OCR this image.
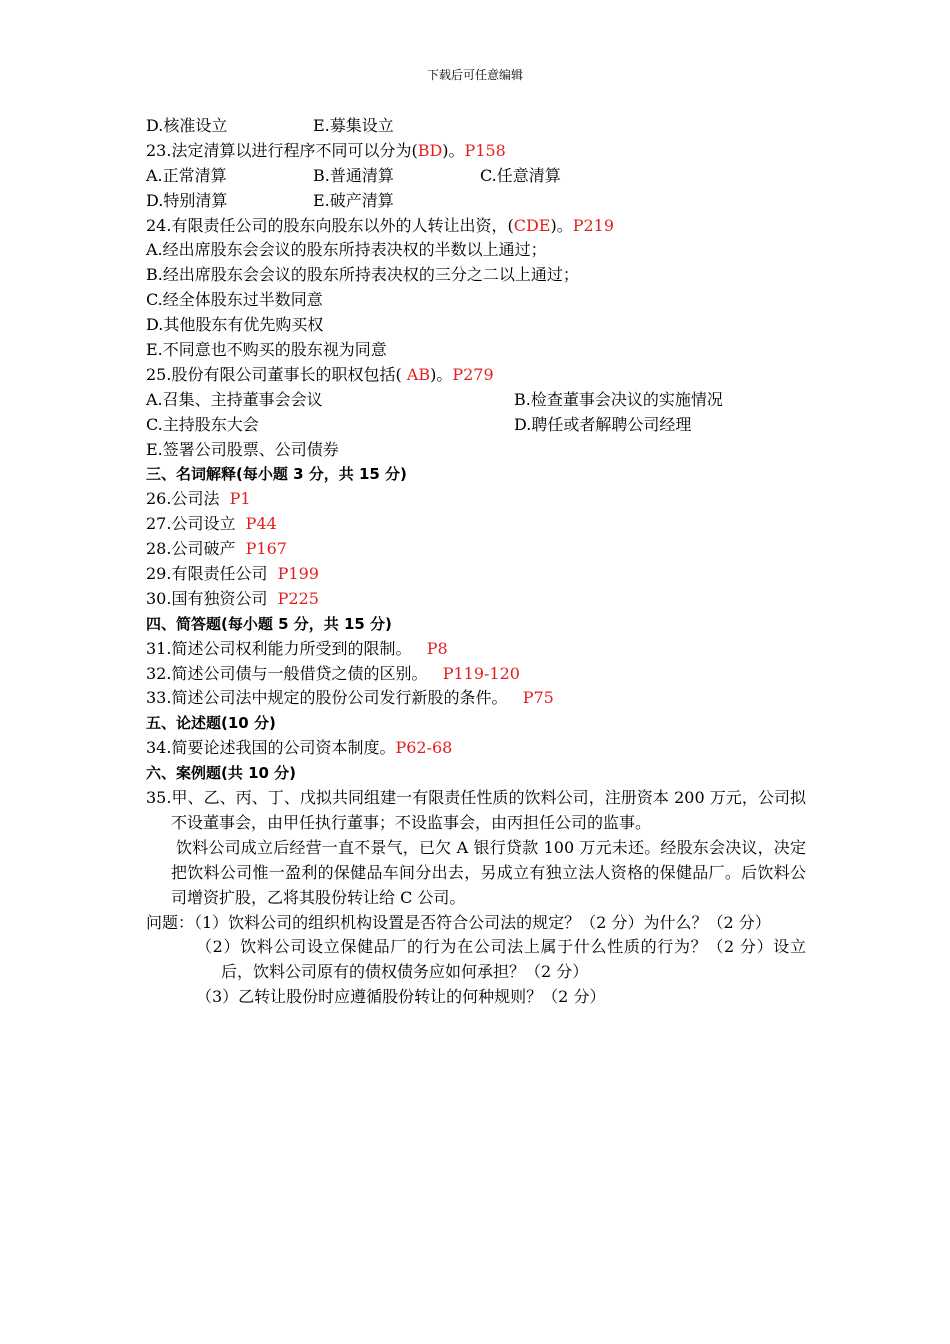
下载后可任意编辑
D.核准设立	E.募集设立
23.法定清算以进行程序不同可以分为(BD)。P158
A.正常清算	B.普通清算	C.任意清算
D.特别清算	E.破产清算
24.有限责任公司的股东向股东以外的人转让出资，(CDE)。P219
A.经出席股东会会议的股东所持表决权的半数以上通过；
B.经出席股东会会议的股东所持表决权的三分之二以上通过；
C.经全体股东过半数同意
D.其他股东有优先购买权
E.不同意也不购买的股东视为同意
25.股份有限公司董事长的职权包括( AB)。P279
A.召集、主持董事会会议	B.检查董事会决议的实施情况
C.主持股东大会	D.聘任或者解聘公司经理
E.签署公司股票、公司债券
三、名词解释(每小题 3 分，共 15 分)
26.公司法 P1
27.公司设立 P44
28.公司破产 P167
29.有限责任公司 P199
30.国有独资公司 P225
四、简答题(每小题 5 分，共 15 分)
31.简述公司权利能力所受到的限制。 P8
32.简述公司债与一般借贷之债的区别。 P119-120
33.简述公司法中规定的股份公司发行新股的条件。 P75
五、论述题(10 分)
34.简要论述我国的公司资本制度。P62-68
六、案例题(共 10 分)
35.甲、乙、丙、丁、戊拟共同组建一有限责任性质的饮料公司，注册资本 200 万元，公司拟不设董事会，由甲任执行董事；不设监事会，由丙担任公司的监事。
饮料公司成立后经营一直不景气，已欠 A 银行贷款 100 万元未还。经股东会决议，决定把饮料公司惟一盈利的保健品车间分出去，另成立有独立法人资格的保健品厂。后饮料公司增资扩股，乙将其股份转让给 C 公司。
问题：（1）饮料公司的组织机构设置是否符合公司法的规定？（2 分）为什么？（2 分）
（2）饮料公司设立保健品厂的行为在公司法上属于什么性质的行为？（2 分）设立后，饮料公司原有的债权债务应如何承担？（2 分）
（3）乙转让股份时应遵循股份转让的何种规则？（2 分）
